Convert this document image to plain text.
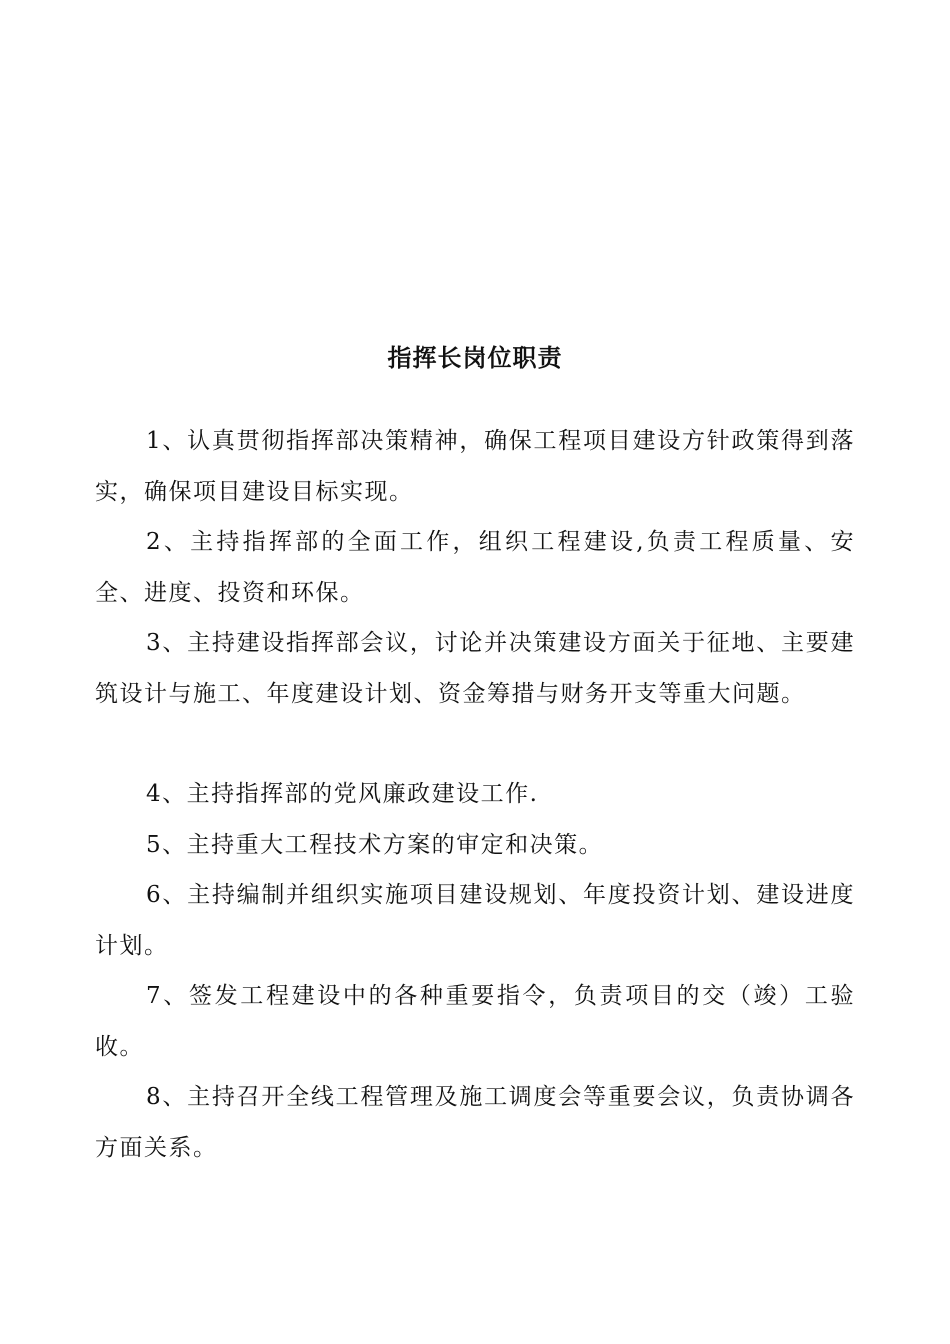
指挥长岗位职责

1、认真贯彻指挥部决策精神，确保工程项目建设方针政策得到落实，确保项目建设目标实现。

2、主持指挥部的全面工作，组织工程建设,负责工程质量、安全、进度、投资和环保。

3、主持建设指挥部会议，讨论并决策建设方面关于征地、主要建筑设计与施工、年度建设计划、资金筹措与财务开支等重大问题。

4、主持指挥部的党风廉政建设工作.

5、主持重大工程技术方案的审定和决策。

6、主持编制并组织实施项目建设规划、年度投资计划、建设进度计划。

7、签发工程建设中的各种重要指令，负责项目的交（竣）工验收。

8、主持召开全线工程管理及施工调度会等重要会议，负责协调各方面关系。
